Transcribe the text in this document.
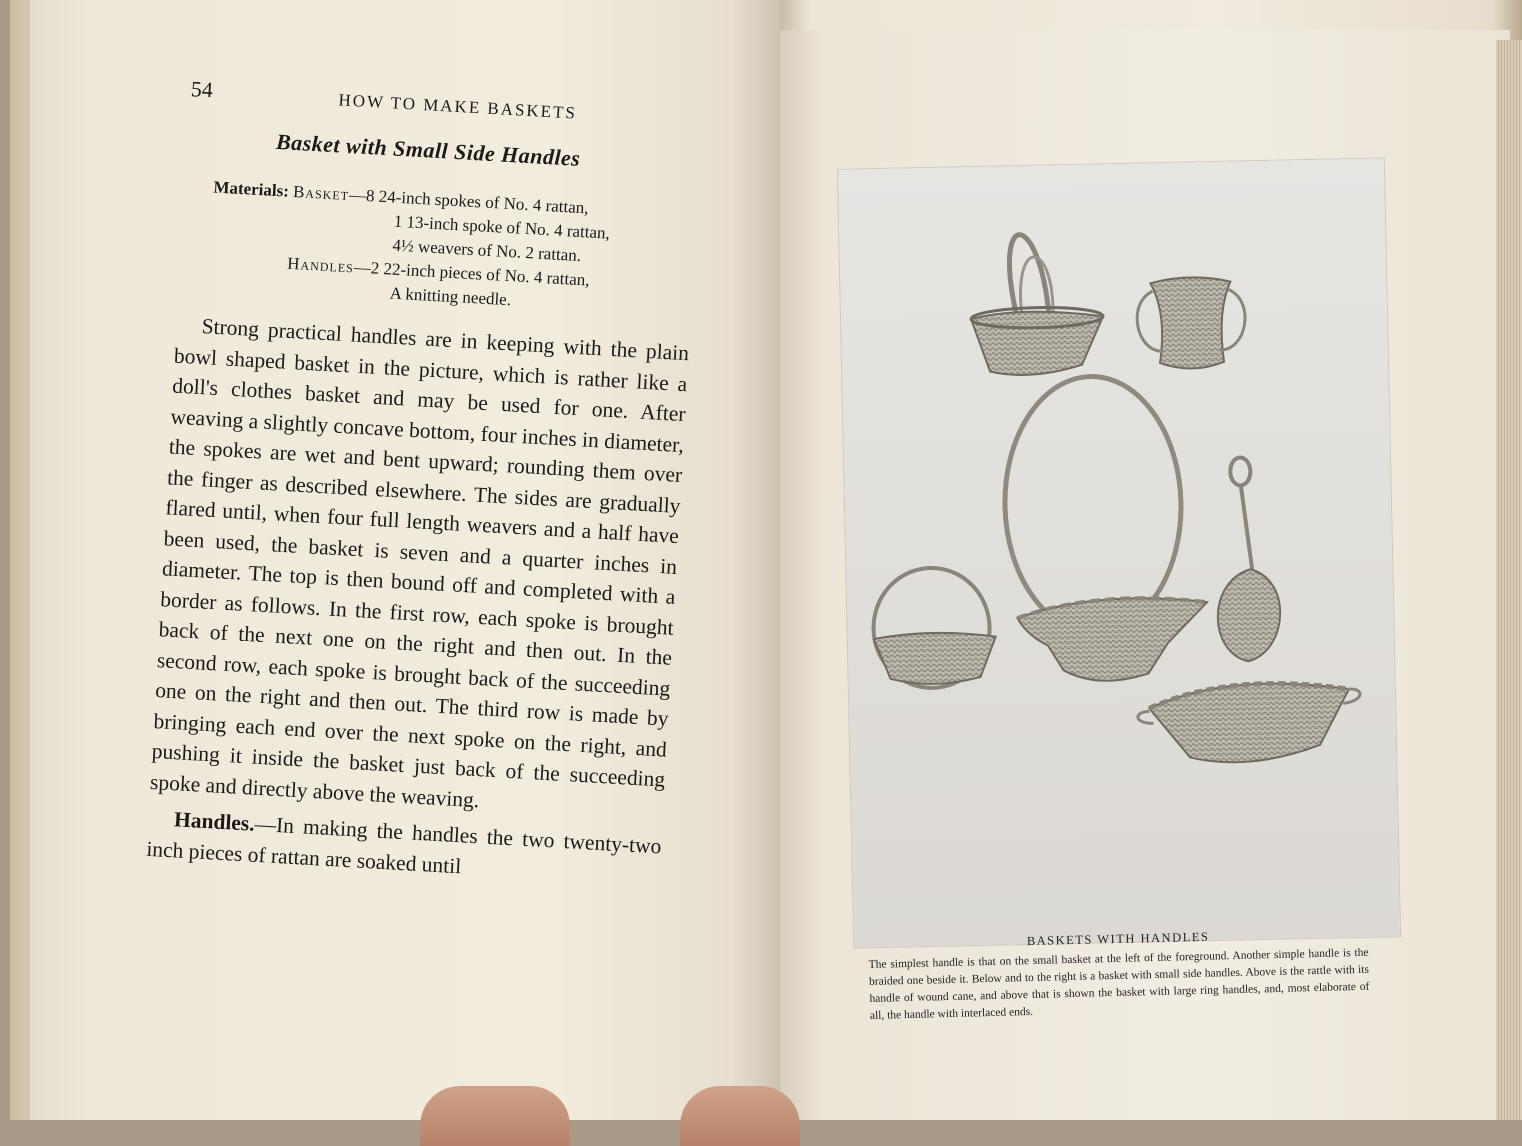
54
HOW TO MAKE BASKETS
Basket with Small Side Handles
Materials: Basket—8 24-inch spokes of No. 4 rattan,
1 13-inch spoke of No. 4 rattan,
4½ weavers of No. 2 rattan.
Handles—2 22-inch pieces of No. 4 rattan,
A knitting needle.

Strong practical handles are in keeping with the plain bowl shaped basket in the picture, which is rather like a doll's clothes basket and may be used for one. After weaving a slightly concave bottom, four inches in diameter, the spokes are wet and bent upward; rounding them over the finger as described elsewhere. The sides are gradually flared until, when four full length weavers and a half have been used, the basket is seven and a quarter inches in diameter. The top is then bound off and completed with a border as follows. In the first row, each spoke is brought back of the next one on the right and then out. In the second row, each spoke is brought back of the succeeding one on the right and then out. The third row is made by bringing each end over the next spoke on the right, and pushing it inside the basket just back of the succeeding spoke and directly above the weaving.

Handles.—In making the handles the two twenty-two inch pieces of rattan are soaked until

BASKETS WITH HANDLES
The simplest handle is that on the small basket at the left of the foreground. Another simple handle is the braided one beside it. Below and to the right is a basket with small side handles. Above is the rattle with its handle of wound cane, and above that is shown the basket with large ring handles, and, most elaborate of all, the handle with interlaced ends.
